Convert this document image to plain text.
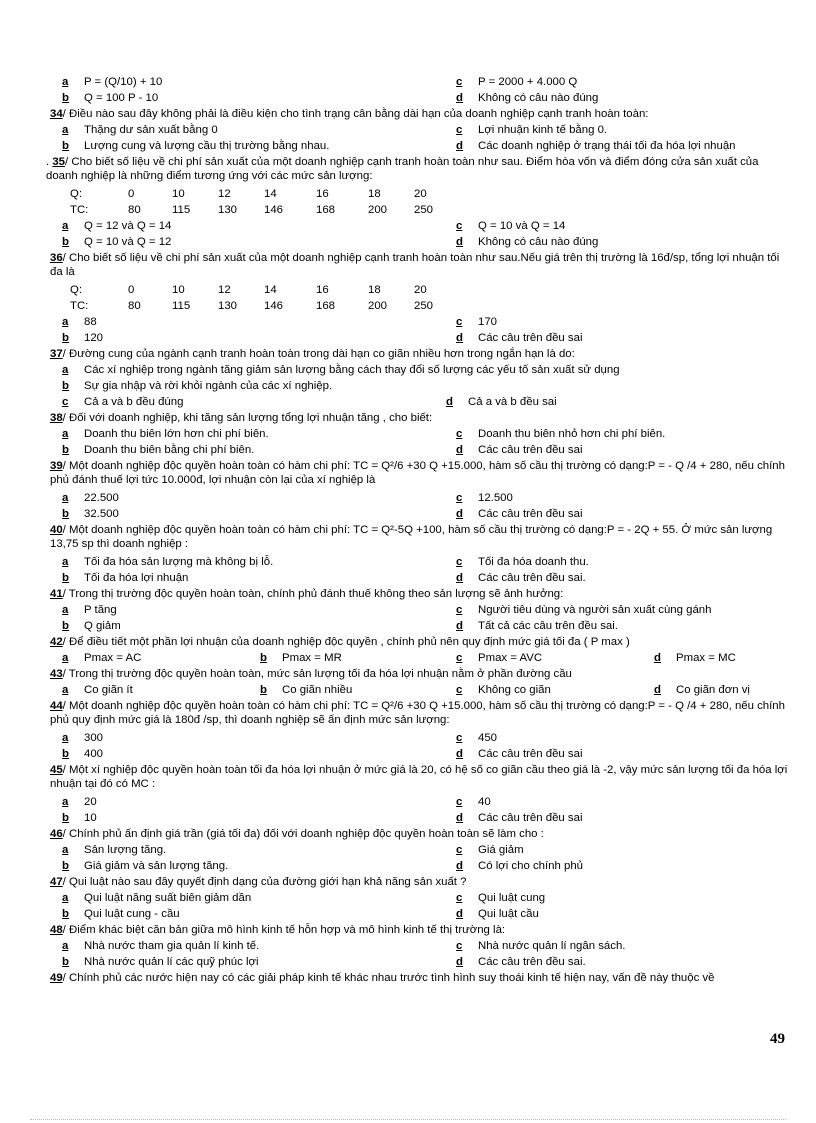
a P = (Q/10) + 10	c P = 2000 + 4.000 Q
b Q = 100 P - 10	d Không có câu nào đúng
34/ Điều nào sau đây không phải là điều kiện cho tình trạng cân bằng dài hạn của doanh nghiệp cạnh tranh hoàn toàn:
a Thặng dư sản xuất bằng 0	c Lợi nhuận kinh tế bằng 0.
b Lượng cung và lượng cầu thị trường bằng nhau.	d Các doanh nghiệp ở trạng thái tối đa hóa lợi nhuận
. 35/ Cho biết số liệu về chi phí sản xuất của một doanh nghiệp cạnh tranh hoàn toàn như sau. Điểm hòa vốn và điểm đóng cửa sản xuất của doanh nghiệp là những điểm tương ứng với các mức sản lượng:
Q:	0	10	12	14	16	18	20
TC:	80	115 130 146	168	200 250
a Q = 12 và Q = 14	c Q = 10 và Q = 14
b Q = 10 và Q = 12	d Không có câu nào đúng
36/ Cho biết số liệu về chi phí sản xuất của một doanh nghiệp cạnh tranh hoàn toàn như sau.Nếu giá trên thị trường là 16đ/sp, tổng lợi nhuận tối đa là
Q:	0	10	12	14	16	18	20
TC:	80	115 130 146	168	200 250
a 88	c 170
b 120	d Các câu trên đều sai
37/ Đường cung của ngành cạnh tranh hoàn toàn trong dài hạn co giãn nhiều hơn trong ngắn hạn là do:
a Các xí nghiệp trong ngành tăng giảm sản lượng bằng cách thay đổi số lượng các yếu tố sản xuất sử dụng
b Sự gia nhập và rời khỏi ngành của các xí nghiệp.
c Cả a và b đều đúng	d Cả a và b đều sai
38/ Đối với doanh nghiệp, khi tăng sản lượng tổng lợi nhuận tăng , cho biết:
a Doanh thu biên lớn hơn chi phí biên.	c Doanh thu biên nhỏ hơn chi phí biên.
b Doanh thu biên bằng chi phí biên.	d Các câu trên đều sai
39/ Một doanh nghiệp độc quyền hoàn toàn có hàm chi phí: TC = Q²/6 +30 Q +15.000, hàm số cầu thị trường có dạng:P = - Q /4 + 280, nếu chính phủ đánh thuế lợi tức 10.000đ, lợi nhuận còn lại của xí nghiệp là
a 22.500	c 12.500
b 32.500	d Các câu trên đều sai
40/ Một doanh nghiệp độc quyền hoàn toàn có hàm chi phí: TC = Q²-5Q +100, hàm số cầu thị trường có dạng:P = - 2Q + 55. Ở mức sản lượng 13,75 sp thì doanh nghiệp :
a Tối đa hóa sản lượng mà không bị lỗ.	c Tối đa hóa doanh thu.
b Tối đa hóa lợi nhuận	d Các câu trên đều sai.
41/ Trong thị trường độc quyền hoàn toàn, chính phủ đánh thuế không theo sản lượng sẽ ảnh hưởng:
a P tăng	c Người tiêu dùng và người sản xuất cùng gánh
b Q giảm	d Tất cả các câu trên đều sai.
42/ Để điều tiết một phần lợi nhuận của doanh nghiệp độc quyền , chính phủ nên quy định mức giá tối đa ( P max )
a Pmax = AC	b Pmax = MR	c Pmax = AVC	d Pmax = MC
43/ Trong thị trường độc quyền hoàn toàn, mức sản lượng tối đa hóa lợi nhuận nằm ở phần đường cầu
a Co giãn ít	b Co giãn nhiều	c Không co giãn	d Co giãn đơn vị
44/ Một doanh nghiệp độc quyền hoàn toàn có hàm chi phí: TC = Q²/6 +30 Q +15.000, hàm số cầu thị trường có dạng:P = - Q /4 + 280, nếu chính phủ quy định mức giá là 180đ /sp, thì doanh nghiệp sẽ ấn định mức sản lượng:
a 300	c 450
b 400	d Các câu trên đều sai
45/ Một xí nghiệp độc quyền hoàn toàn tối đa hóa lợi nhuận ở mức giá là 20, có hệ số co giãn cầu theo giá là -2, vậy mức sản lượng tối đa hóa lợi nhuận tại đó có MC :
a 20	c 40
b 10	d Các câu trên đều sai
46/ Chính phủ ấn định giá trần (giá tối đa) đối với doanh nghiệp độc quyền hoàn toàn sẽ làm cho :
a Sản lượng tăng.	c Giá giảm
b Giá giảm và sản lượng tăng.	d Có lợi cho chính phủ
47/ Qui luật nào sau đây quyết định dạng của đường giới hạn khả năng sản xuất ?
a Qui luật năng suất biên giảm dần	c Qui luật cung
b Qui luật cung - cầu	d Qui luật cầu
48/ Điểm khác biệt căn bản giữa mô hình kinh tế hỗn hợp và mô hình kinh tế thị trường là:
a Nhà nước tham gia quản lí kinh tế.	c Nhà nước quản lí ngân sách.
b Nhà nước quản lí các quỹ phúc lợi	d Các câu trên đều sai.
49/ Chính phủ các nước hiện nay có các giải pháp kinh tế khác nhau trước tình hình suy thoái kinh tế hiện nay, vấn đề này thuộc về
49
